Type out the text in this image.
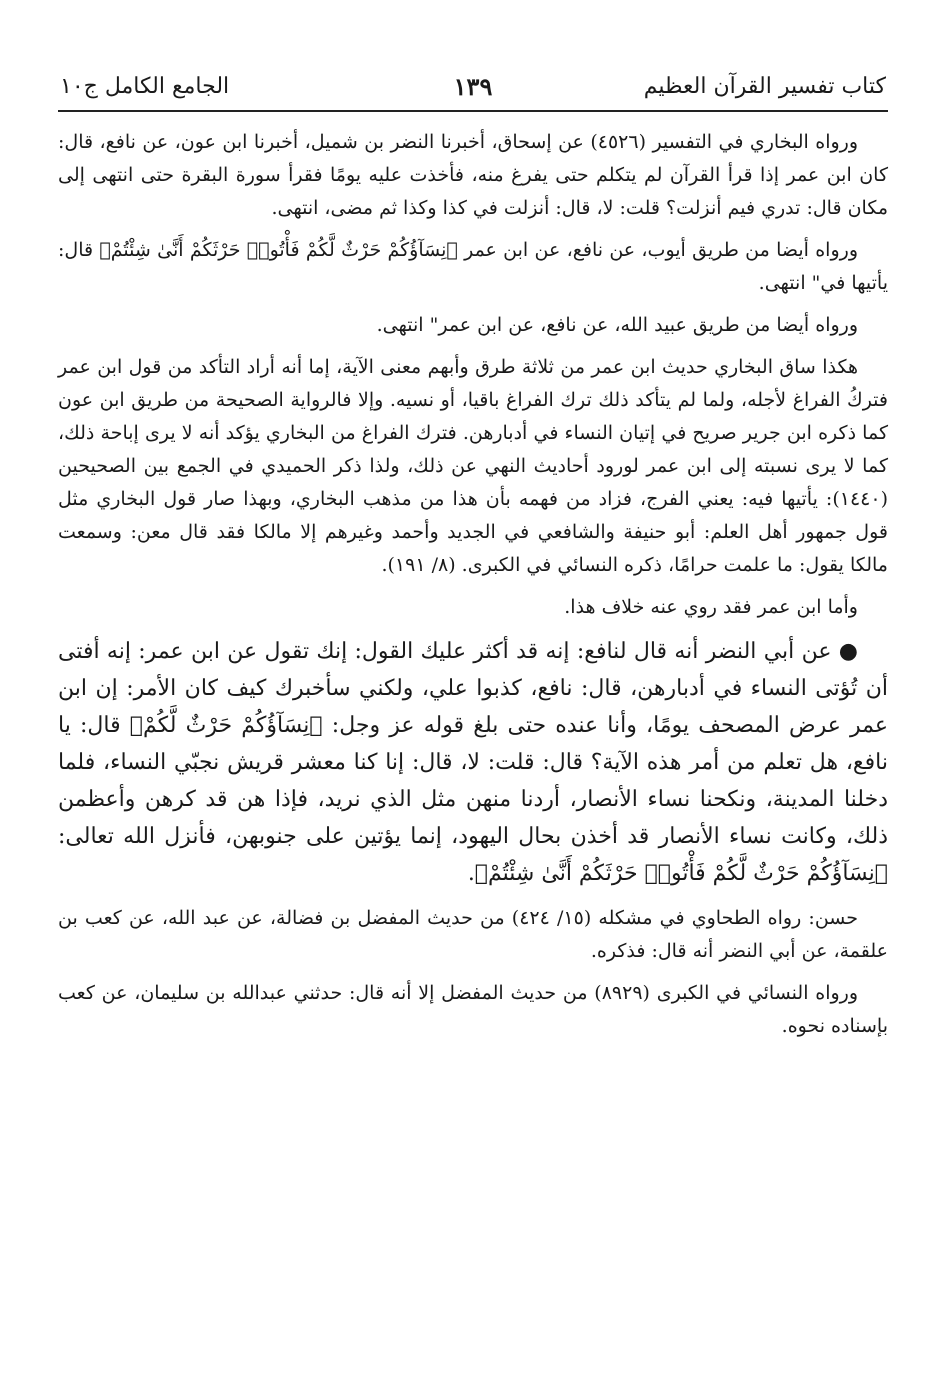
كتاب تفسير القرآن العظيم
١٣٩
الجامع الكامل ج١٠

ورواه البخاري في التفسير (٤٥٢٦) عن إسحاق، أخبرنا النضر بن شميل، أخبرنا ابن عون، عن نافع، قال: كان ابن عمر إذا قرأ القرآن لم يتكلم حتى يفرغ منه، فأخذت عليه يومًا فقرأ سورة البقرة حتى انتهى إلى مكان قال: تدري فيم أنزلت؟ قلت: لا، قال: أنزلت في كذا وكذا ثم مضى، انتهى.

ورواه أيضا من طريق أيوب، عن نافع، عن ابن عمر ﴿نِسَآؤُكُمْ حَرْثٌ لَّكُمْ فَأْتُوا۟ حَرْثَكُمْ أَنَّىٰ شِئْتُمْ﴾ قال: يأتيها في" انتهى.

ورواه أيضا من طريق عبيد الله، عن نافع، عن ابن عمر" انتهى.

هكذا ساق البخاري حديث ابن عمر من ثلاثة طرق وأبهم معنى الآية، إما أنه أراد التأكد من قول ابن عمر فتركُ الفراغ لأجله، ولما لم يتأكد ذلك ترك الفراغ باقيا، أو نسيه. وإلا فالرواية الصحيحة من طريق ابن عون كما ذكره ابن جرير صريح في إتيان النساء في أدبارهن. فترك الفراغ من البخاري يؤكد أنه لا يرى إباحة ذلك، كما لا يرى نسبته إلى ابن عمر لورود أحاديث النهي عن ذلك، ولذا ذكر الحميدي في الجمع بين الصحيحين (١٤٤٠): يأتيها فيه: يعني الفرج، فزاد من فهمه بأن هذا من مذهب البخاري، وبهذا صار قول البخاري مثل قول جمهور أهل العلم: أبو حنيفة والشافعي في الجديد وأحمد وغيرهم إلا مالكا فقد قال معن: وسمعت مالكا يقول: ما علمت حرامًا، ذكره النسائي في الكبرى. (٨/ ١٩١).

وأما ابن عمر فقد روي عنه خلاف هذا.

● عن أبي النضر أنه قال لنافع: إنه قد أكثر عليك القول: إنك تقول عن ابن عمر: إنه أفتى أن تُؤتى النساء في أدبارهن، قال: نافع، كذبوا علي، ولكني سأخبرك كيف كان الأمر: إن ابن عمر عرض المصحف يومًا، وأنا عنده حتى بلغ قوله عز وجل: ﴿نِسَآؤُكُمْ حَرْثٌ لَّكُمْ﴾ قال: يا نافع، هل تعلم من أمر هذه الآية؟ قال: قلت: لا، قال: إنا كنا معشر قريش نجبّي النساء، فلما دخلنا المدينة، ونكحنا نساء الأنصار، أردنا منهن مثل الذي نريد، فإذا هن قد كرهن وأعظمن ذلك، وكانت نساء الأنصار قد أخذن بحال اليهود، إنما يؤتين على جنوبهن، فأنزل الله تعالى: ﴿نِسَآؤُكُمْ حَرْثٌ لَّكُمْ فَأْتُوا۟ حَرْثَكُمْ أَنَّىٰ شِئْتُمْ﴾.

حسن: رواه الطحاوي في مشكله (١٥/ ٤٢٤) من حديث المفضل بن فضالة، عن عبد الله، عن كعب بن علقمة، عن أبي النضر أنه قال: فذكره.

ورواه النسائي في الكبرى (٨٩٢٩) من حديث المفضل إلا أنه قال: حدثني عبدالله بن سليمان، عن كعب بإسناده نحوه.
